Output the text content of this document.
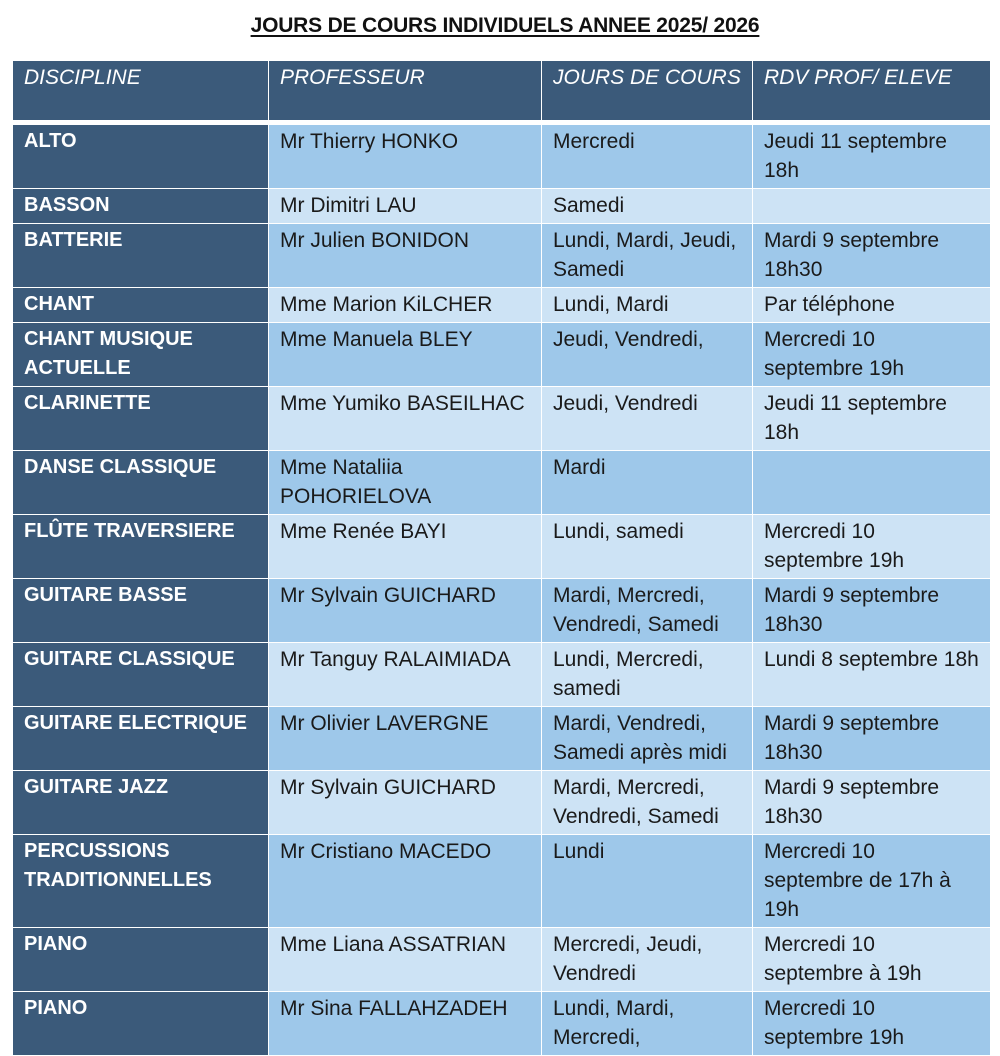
JOURS DE COURS INDIVIDUELS ANNEE 2025/ 2026
DISCIPLINE	PROFESSEUR	JOURS DE COURS	RDV PROF/ ELEVE
ALTO	Mr Thierry HONKO	Mercredi	Jeudi 11 septembre 18h
BASSON	Mr Dimitri LAU	Samedi	
BATTERIE	Mr Julien BONIDON	Lundi, Mardi, Jeudi, Samedi	Mardi 9 septembre 18h30
CHANT	Mme Marion KiLCHER	Lundi, Mardi	Par téléphone
CHANT MUSIQUE ACTUELLE	Mme Manuela BLEY	Jeudi, Vendredi,	Mercredi 10 septembre 19h
CLARINETTE	Mme Yumiko BASEILHAC	Jeudi, Vendredi	Jeudi 11 septembre 18h
DANSE CLASSIQUE	Mme Nataliia POHORIELOVA	Mardi	
FLÛTE TRAVERSIERE	Mme Renée BAYI	Lundi, samedi	Mercredi 10 septembre 19h
GUITARE BASSE	Mr Sylvain GUICHARD	Mardi, Mercredi, Vendredi, Samedi	Mardi 9 septembre 18h30
GUITARE CLASSIQUE	Mr Tanguy RALAIMIADA	Lundi, Mercredi, samedi	Lundi 8 septembre 18h
GUITARE ELECTRIQUE	Mr Olivier LAVERGNE	Mardi, Vendredi, Samedi après midi	Mardi 9 septembre 18h30
GUITARE JAZZ	Mr Sylvain GUICHARD	Mardi, Mercredi, Vendredi, Samedi	Mardi 9 septembre 18h30
PERCUSSIONS TRADITIONNELLES	Mr Cristiano MACEDO	Lundi	Mercredi 10 septembre de 17h à 19h
PIANO	Mme Liana ASSATRIAN	Mercredi, Jeudi, Vendredi	Mercredi 10 septembre à 19h
PIANO	Mr Sina FALLAHZADEH	Lundi, Mardi, Mercredi,	Mercredi 10 septembre 19h
